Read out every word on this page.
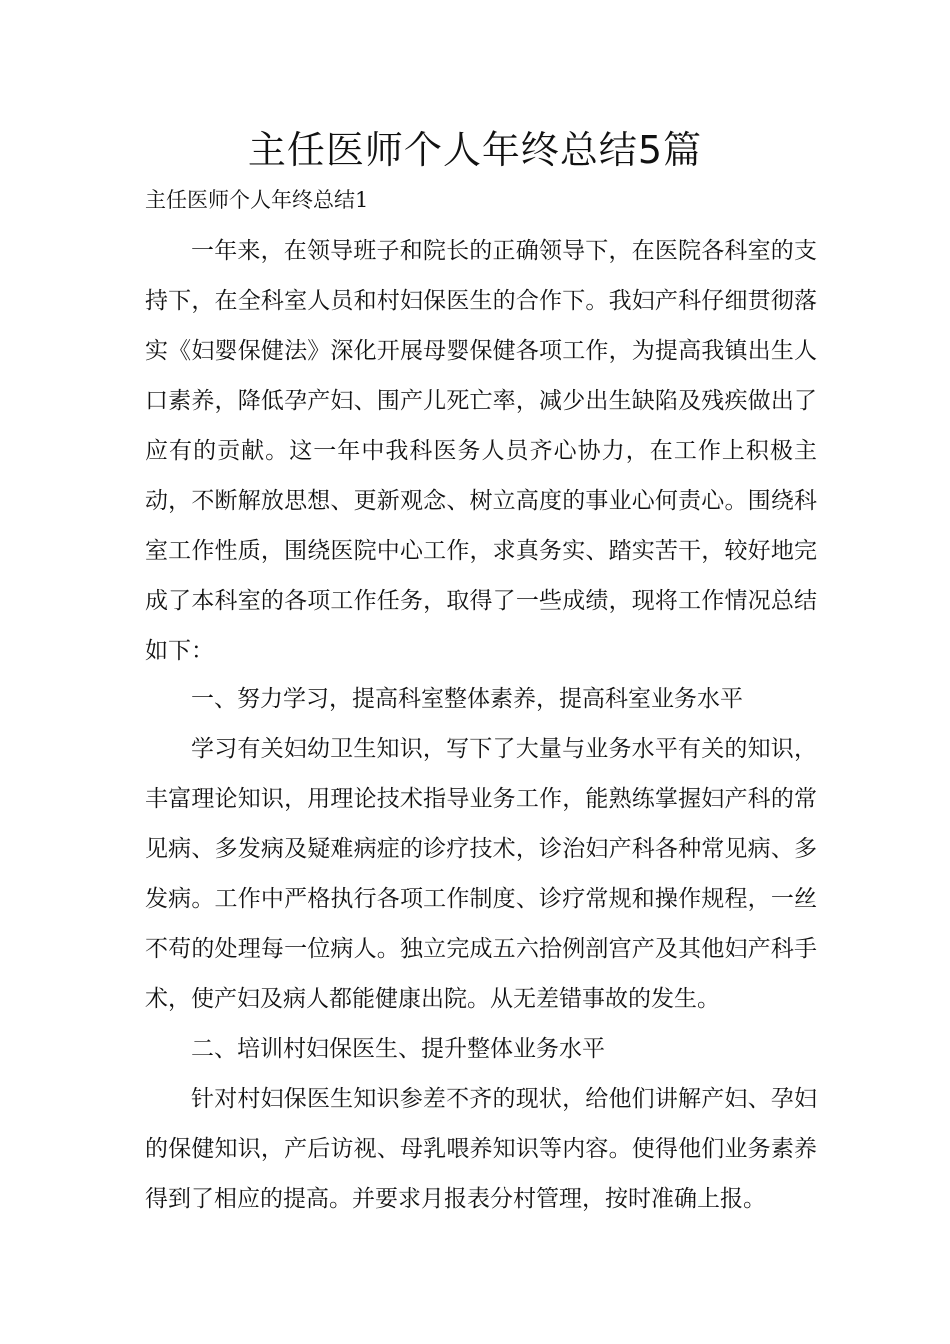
主任医师个人年终总结5篇

主任医师个人年终总结1

一年来，在领导班子和院长的正确领导下，在医院各科室的支持下，在全科室人员和村妇保医生的合作下。我妇产科仔细贯彻落实《妇婴保健法》深化开展母婴保健各项工作，为提高我镇出生人口素养，降低孕产妇、围产儿死亡率，减少出生缺陷及残疾做出了应有的贡献。这一年中我科医务人员齐心协力，在工作上积极主动，不断解放思想、更新观念、树立高度的事业心何责心。围绕科室工作性质，围绕医院中心工作，求真务实、踏实苦干，较好地完成了本科室的各项工作任务，取得了一些成绩，现将工作情况总结如下：

一、努力学习，提高科室整体素养，提高科室业务水平

学习有关妇幼卫生知识，写下了大量与业务水平有关的知识，丰富理论知识，用理论技术指导业务工作，能熟练掌握妇产科的常见病、多发病及疑难病症的诊疗技术，诊治妇产科各种常见病、多发病。工作中严格执行各项工作制度、诊疗常规和操作规程，一丝不苟的处理每一位病人。独立完成五六拾例剖宫产及其他妇产科手术，使产妇及病人都能健康出院。从无差错事故的发生。

二、培训村妇保医生、提升整体业务水平

针对村妇保医生知识参差不齐的现状，给他们讲解产妇、孕妇的保健知识，产后访视、母乳喂养知识等内容。使得他们业务素养得到了相应的提高。并要求月报表分村管理，按时准确上报。
